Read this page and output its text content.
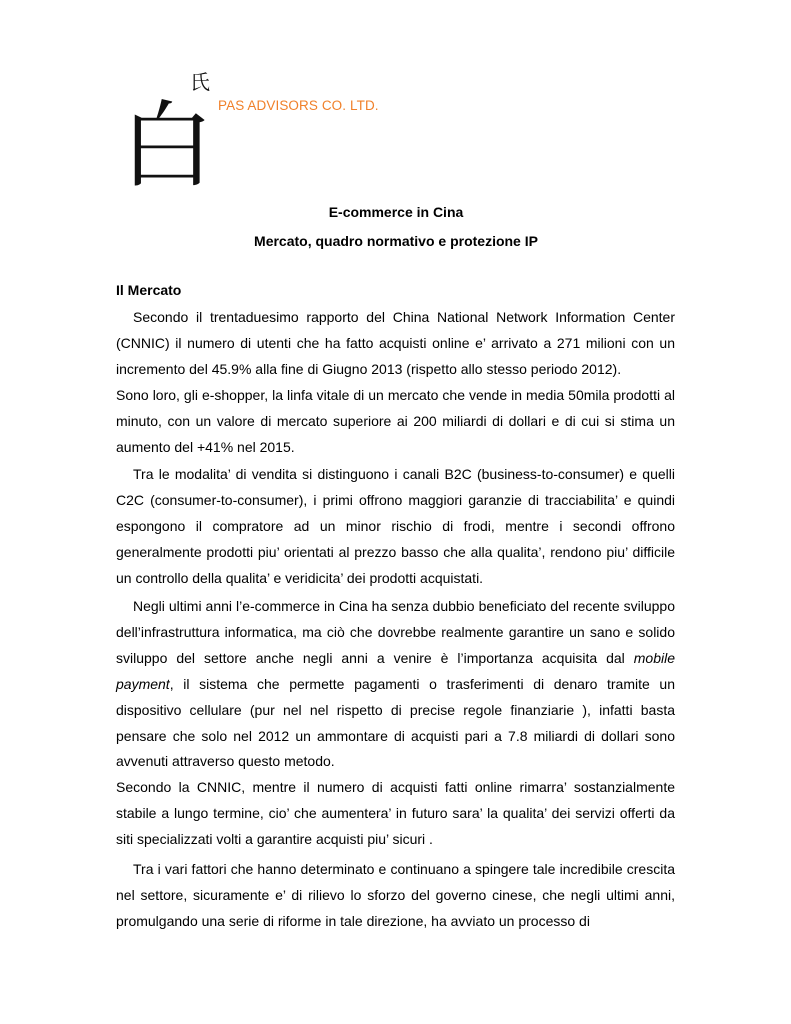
白
氏
PAS ADVISORS CO. LTD.
E-commerce in Cina
Mercato, quadro normativo e protezione IP
Il Mercato

Secondo il trentaduesimo rapporto del China National Network Information Center (CNNIC) il numero di utenti che ha fatto acquisti online e’ arrivato a 271 milioni con un incremento del 45.9% alla fine di Giugno 2013 (rispetto allo stesso periodo 2012).

Sono loro, gli e-shopper, la linfa vitale di un mercato che vende in media 50mila prodotti al minuto, con un valore di mercato superiore ai 200 miliardi di dollari e di cui si stima un aumento del +41% nel 2015.

Tra le modalita’ di vendita si distinguono i canali B2C (business-to-consumer) e quelli C2C (consumer-to-consumer), i primi offrono maggiori garanzie di tracciabilita’ e quindi espongono il compratore ad un minor rischio di frodi, mentre i secondi offrono generalmente prodotti piu’ orientati al prezzo basso che alla qualita’, rendono piu’ difficile un controllo della qualita’ e veridicita’ dei prodotti acquistati.

Negli ultimi anni l’e-commerce in Cina ha senza dubbio beneficiato del recente sviluppo dell’infrastruttura informatica, ma ciò che dovrebbe realmente garantire un sano e solido sviluppo del settore anche negli anni a venire è l’importanza acquisita dal mobile payment, il sistema che permette pagamenti o trasferimenti di denaro tramite un dispositivo cellulare (pur nel nel rispetto di precise regole finanziarie ), infatti basta pensare che solo nel 2012 un ammontare di acquisti pari a 7.8 miliardi di dollari sono avvenuti attraverso questo metodo.

Secondo la CNNIC, mentre il numero di acquisti fatti online rimarra’ sostanzialmente stabile a lungo termine, cio’ che aumentera’ in futuro sara’ la qualita’ dei servizi offerti da siti specializzati volti a garantire acquisti piu’ sicuri .

Tra i vari fattori che hanno determinato e continuano a spingere tale incredibile crescita nel settore, sicuramente e’ di rilievo lo sforzo del governo cinese, che negli ultimi anni, promulgando una serie di riforme in tale direzione, ha avviato un processo di
